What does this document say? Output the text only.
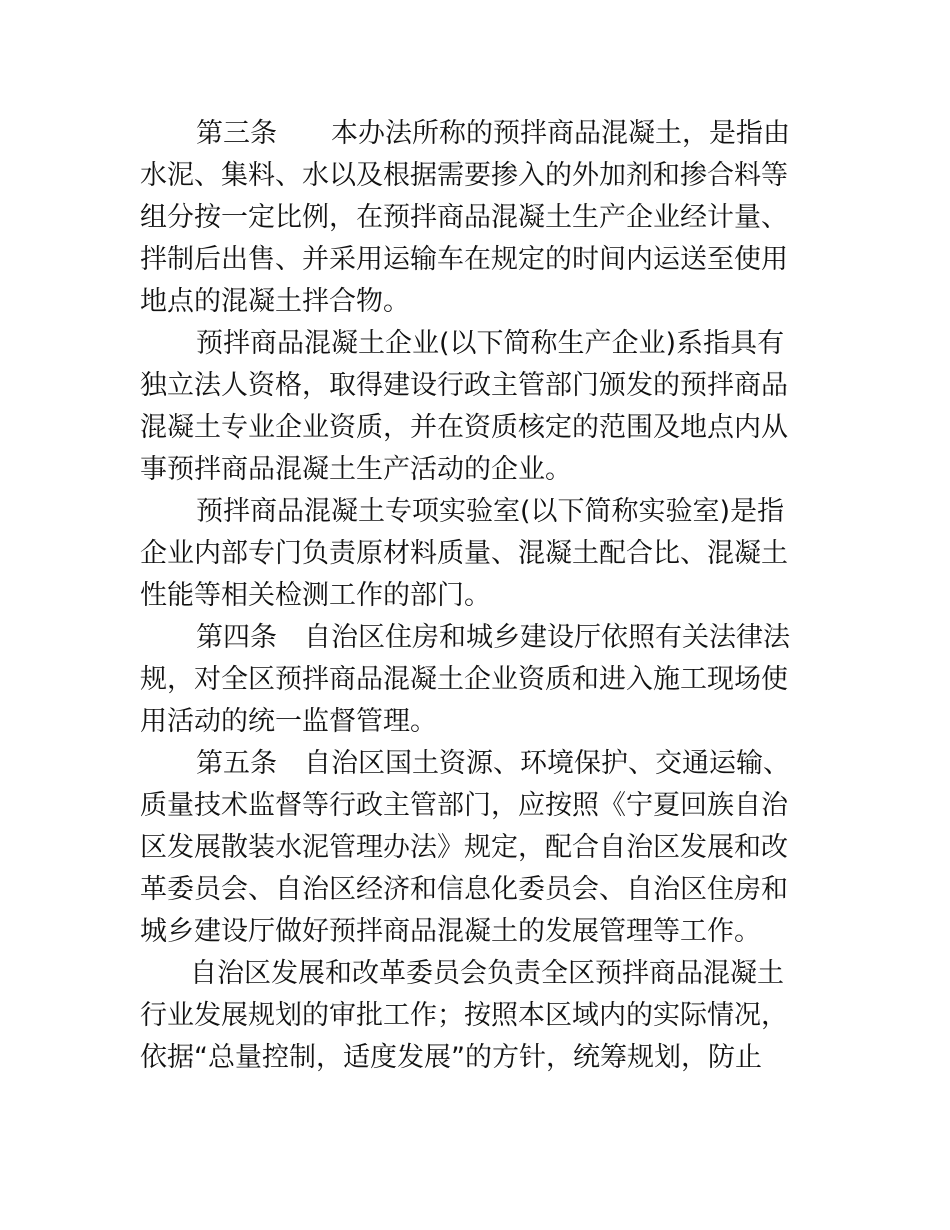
第三条　　本办法所称的预拌商品混凝土，是指由
水泥、集料、水以及根据需要掺入的外加剂和掺合料等
组分按一定比例，在预拌商品混凝土生产企业经计量、
拌制后出售、并采用运输车在规定的时间内运送至使用
地点的混凝土拌合物。
预拌商品混凝土企业(以下简称生产企业)系指具有
独立法人资格，取得建设行政主管部门颁发的预拌商品
混凝土专业企业资质，并在资质核定的范围及地点内从
事预拌商品混凝土生产活动的企业。
预拌商品混凝土专项实验室(以下简称实验室)是指
企业内部专门负责原材料质量、混凝土配合比、混凝土
性能等相关检测工作的部门。
第四条　自治区住房和城乡建设厅依照有关法律法
规，对全区预拌商品混凝土企业资质和进入施工现场使
用活动的统一监督管理。
第五条　自治区国土资源、环境保护、交通运输、
质量技术监督等行政主管部门，应按照《宁夏回族自治
区发展散装水泥管理办法》规定，配合自治区发展和改
革委员会、自治区经济和信息化委员会、自治区住房和
城乡建设厅做好预拌商品混凝土的发展管理等工作。
自治区发展和改革委员会负责全区预拌商品混凝土
行业发展规划的审批工作；按照本区域内的实际情况，
依据“总量控制，适度发展”的方针，统筹规划，防止
